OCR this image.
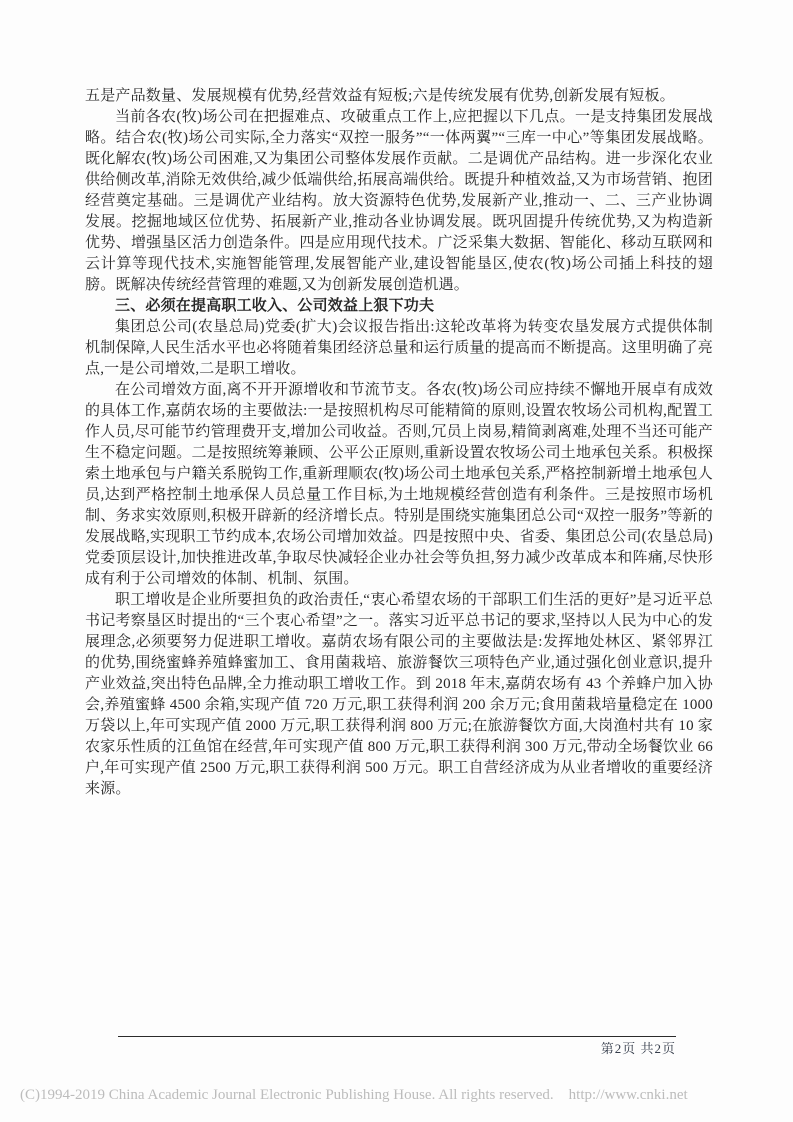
五是产品数量、发展规模有优势,经营效益有短板;六是传统发展有优势,创新发展有短板。

当前各农(牧)场公司在把握难点、攻破重点工作上,应把握以下几点。一是支持集团发展战略。结合农(牧)场公司实际,全力落实“双控一服务”“一体两翼”“三库一中心”等集团发展战略。既化解农(牧)场公司困难,又为集团公司整体发展作贡献。二是调优产品结构。进一步深化农业供给侧改革,消除无效供给,减少低端供给,拓展高端供给。既提升种植效益,又为市场营销、抱团经营奠定基础。三是调优产业结构。放大资源特色优势,发展新产业,推动一、二、三产业协调发展。挖掘地域区位优势、拓展新产业,推动各业协调发展。既巩固提升传统优势,又为构造新优势、增强垦区活力创造条件。四是应用现代技术。广泛采集大数据、智能化、移动互联网和云计算等现代技术,实施智能管理,发展智能产业,建设智能垦区,使农(牧)场公司插上科技的翅膀。既解决传统经营管理的难题,又为创新发展创造机遇。

三、必须在提高职工收入、公司效益上狠下功夫

集团总公司(农垦总局)党委(扩大)会议报告指出:这轮改革将为转变农垦发展方式提供体制机制保障,人民生活水平也必将随着集团经济总量和运行质量的提高而不断提高。这里明确了亮点,一是公司增效,二是职工增收。

在公司增效方面,离不开开源增收和节流节支。各农(牧)场公司应持续不懈地开展卓有成效的具体工作,嘉荫农场的主要做法:一是按照机构尽可能精简的原则,设置农牧场公司机构,配置工作人员,尽可能节约管理费开支,增加公司收益。否则,冗员上岗易,精简剥离难,处理不当还可能产生不稳定问题。二是按照统筹兼顾、公平公正原则,重新设置农牧场公司土地承包关系。积极探索土地承包与户籍关系脱钩工作,重新理顺农(牧)场公司土地承包关系,严格控制新增土地承包人员,达到严格控制土地承保人员总量工作目标,为土地规模经营创造有利条件。三是按照市场机制、务求实效原则,积极开辟新的经济增长点。特别是围绕实施集团总公司“双控一服务”等新的发展战略,实现职工节约成本,农场公司增加效益。四是按照中央、省委、集团总公司(农垦总局)党委顶层设计,加快推进改革,争取尽快减轻企业办社会等负担,努力减少改革成本和阵痛,尽快形成有利于公司增效的体制、机制、氛围。

职工增收是企业所要担负的政治责任,“衷心希望农场的干部职工们生活的更好”是习近平总书记考察垦区时提出的“三个衷心希望”之一。落实习近平总书记的要求,坚持以人民为中心的发展理念,必须要努力促进职工增收。嘉荫农场有限公司的主要做法是:发挥地处林区、紧邻界江的优势,围绕蜜蜂养殖蜂蜜加工、食用菌栽培、旅游餐饮三项特色产业,通过强化创业意识,提升产业效益,突出特色品牌,全力推动职工增收工作。到 2018 年末,嘉荫农场有 43 个养蜂户加入协会,养殖蜜蜂 4500 余箱,实现产值 720 万元,职工获得利润 200 余万元;食用菌栽培量稳定在 1000 万袋以上,年可实现产值 2000 万元,职工获得利润 800 万元;在旅游餐饮方面,大岗渔村共有 10 家农家乐性质的江鱼馆在经营,年可实现产值 800 万元,职工获得利润 300 万元,带动全场餐饮业 66 户,年可实现产值 2500 万元,职工获得利润 500 万元。职工自营经济成为从业者增收的重要经济来源。

第2页 共2页
(C)1994-2019 China Academic Journal Electronic Publishing House. All rights reserved.    http://www.cnki.net
